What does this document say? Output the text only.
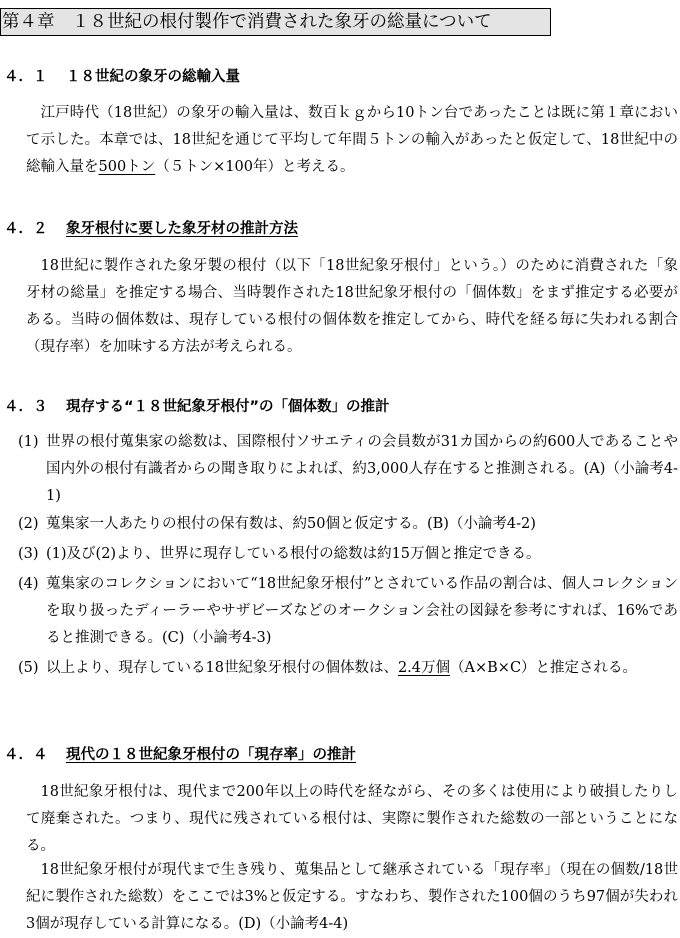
第４章　１８世紀の根付製作で消費された象牙の総量について
４．１ １８世紀の象牙の総輸入量
江戸時代（18世紀）の象牙の輸入量は、数百ｋｇから10トン台であったことは既に第１章において示した。本章では、18世紀を通じて平均して年間５トンの輸入があったと仮定して、18世紀中の総輸入量を500トン（５トン×100年）と考える。
４．２ 象牙根付に要した象牙材の推計方法
18世紀に製作された象牙製の根付（以下「18世紀象牙根付」という。）のために消費された「象牙材の総量」を推定する場合、当時製作された18世紀象牙根付の「個体数」をまず推定する必要がある。当時の個体数は、現存している根付の個体数を推定してから、時代を経る毎に失われる割合（現存率）を加味する方法が考えられる。
４．３ 現存する“１８世紀象牙根付”の「個体数」の推計
(1) 世界の根付蒐集家の総数は、国際根付ソサエティの会員数が31カ国からの約600人であることや国内外の根付有識者からの聞き取りによれば、約3,000人存在すると推測される。(A)（小論考4-1)
(2) 蒐集家一人あたりの根付の保有数は、約50個と仮定する。(B)（小論考4-2)
(3) (1)及び(2)より、世界に現存している根付の総数は約15万個と推定できる。
(4) 蒐集家のコレクションにおいて“18世紀象牙根付”とされている作品の割合は、個人コレクションを取り扱ったディーラーやサザビーズなどのオークション会社の図録を参考にすれば、16%であると推測できる。(C)（小論考4-3)
(5) 以上より、現存している18世紀象牙根付の個体数は、2.4万個（A×B×C）と推定される。
４．４ 現代の１８世紀象牙根付の「現存率」の推計
18世紀象牙根付は、現代まで200年以上の時代を経ながら、その多くは使用により破損したりして廃棄された。つまり、現代に残されている根付は、実際に製作された総数の一部ということになる。
18世紀象牙根付が現代まで生き残り、蒐集品として継承されている「現存率」（現在の個数/18世紀に製作された総数）をここでは3%と仮定する。すなわち、製作された100個のうち97個が失われ3個が現存している計算になる。(D)（小論考4-4)
